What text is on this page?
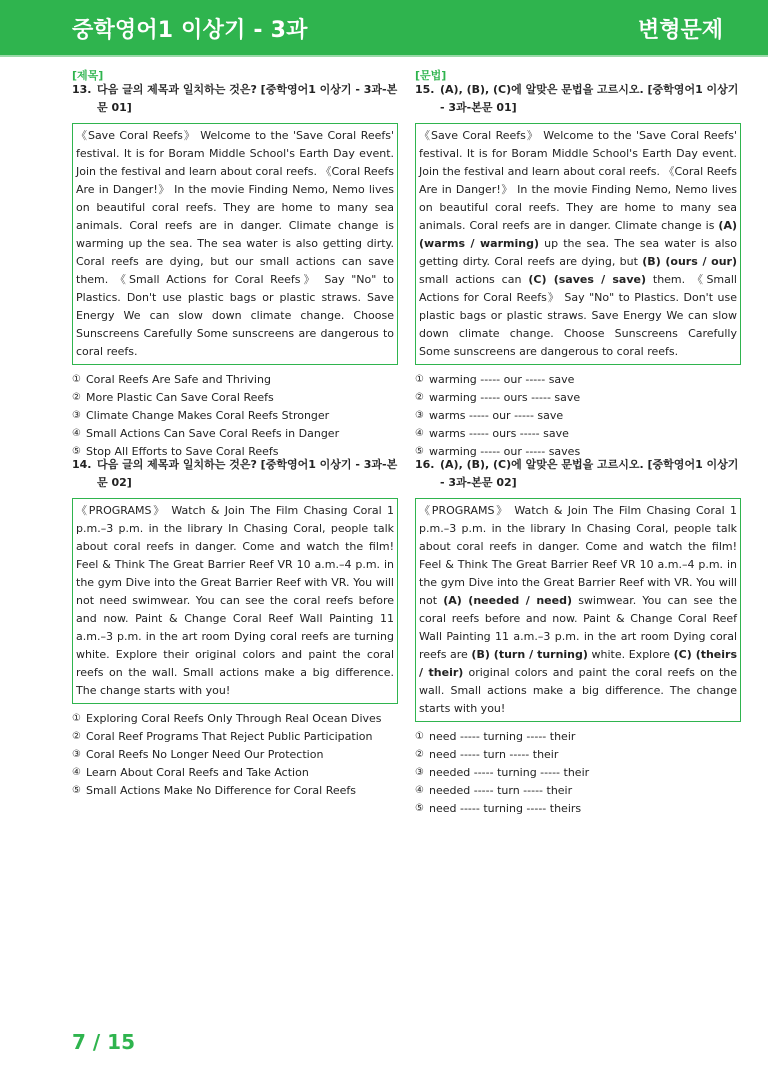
중학영어1 이상기 - 3과	변형문제
[제목]
13. 다음 글의 제목과 일치하는 것은? [중학영어1 이상기 - 3과-본문 01]
《Save Coral Reefs》 Welcome to the 'Save Coral Reefs' festival. It is for Boram Middle School's Earth Day event. Join the festival and learn about coral reefs. 《Coral Reefs Are in Danger!》 In the movie Finding Nemo, Nemo lives on beautiful coral reefs. They are home to many sea animals. Coral reefs are in danger. Climate change is warming up the sea. The sea water is also getting dirty. Coral reefs are dying, but our small actions can save them. 《Small Actions for Coral Reefs》 Say "No" to Plastics. Don't use plastic bags or plastic straws. Save Energy We can slow down climate change. Choose Sunscreens Carefully Some sunscreens are dangerous to coral reefs.
① Coral Reefs Are Safe and Thriving
② More Plastic Can Save Coral Reefs
③ Climate Change Makes Coral Reefs Stronger
④ Small Actions Can Save Coral Reefs in Danger
⑤ Stop All Efforts to Save Coral Reefs
14. 다음 글의 제목과 일치하는 것은? [중학영어1 이상기 - 3과-본문 02]
《PROGRAMS》 Watch & Join The Film Chasing Coral 1 p.m.–3 p.m. in the library In Chasing Coral, people talk about coral reefs in danger. Come and watch the film! Feel & Think The Great Barrier Reef VR 10 a.m.–4 p.m. in the gym Dive into the Great Barrier Reef with VR. You will not need swimwear. You can see the coral reefs before and now. Paint & Change Coral Reef Wall Painting 11 a.m.–3 p.m. in the art room Dying coral reefs are turning white. Explore their original colors and paint the coral reefs on the wall. Small actions make a big difference. The change starts with you!
① Exploring Coral Reefs Only Through Real Ocean Dives
② Coral Reef Programs That Reject Public Participation
③ Coral Reefs No Longer Need Our Protection
④ Learn About Coral Reefs and Take Action
⑤ Small Actions Make No Difference for Coral Reefs
[문법]
15. (A), (B), (C)에 알맞은 문법을 고르시오. [중학영어1 이상기 - 3과-본문 01]
《Save Coral Reefs》 Welcome to the 'Save Coral Reefs' festival. It is for Boram Middle School's Earth Day event. Join the festival and learn about coral reefs. 《Coral Reefs Are in Danger!》 In the movie Finding Nemo, Nemo lives on beautiful coral reefs. They are home to many sea animals. Coral reefs are in danger. Climate change is (A) (warms / warming) up the sea. The sea water is also getting dirty. Coral reefs are dying, but (B) (ours / our) small actions can (C) (saves / save) them. 《Small Actions for Coral Reefs》 Say "No" to Plastics. Don't use plastic bags or plastic straws. Save Energy We can slow down climate change. Choose Sunscreens Carefully Some sunscreens are dangerous to coral reefs.
① warming ----- our ----- save
② warming ----- ours ----- save
③ warms ----- our ----- save
④ warms ----- ours ----- save
⑤ warming ----- our ----- saves
16. (A), (B), (C)에 알맞은 문법을 고르시오. [중학영어1 이상기 - 3과-본문 02]
《PROGRAMS》 Watch & Join The Film Chasing Coral 1 p.m.–3 p.m. in the library In Chasing Coral, people talk about coral reefs in danger. Come and watch the film! Feel & Think The Great Barrier Reef VR 10 a.m.–4 p.m. in the gym Dive into the Great Barrier Reef with VR. You will not (A) (needed / need) swimwear. You can see the coral reefs before and now. Paint & Change Coral Reef Wall Painting 11 a.m.–3 p.m. in the art room Dying coral reefs are (B) (turn / turning) white. Explore (C) (theirs / their) original colors and paint the coral reefs on the wall. Small actions make a big difference. The change starts with you!
① need ----- turning ----- their
② need ----- turn ----- their
③ needed ----- turning ----- their
④ needed ----- turn ----- their
⑤ need ----- turning ----- theirs
7 / 15
